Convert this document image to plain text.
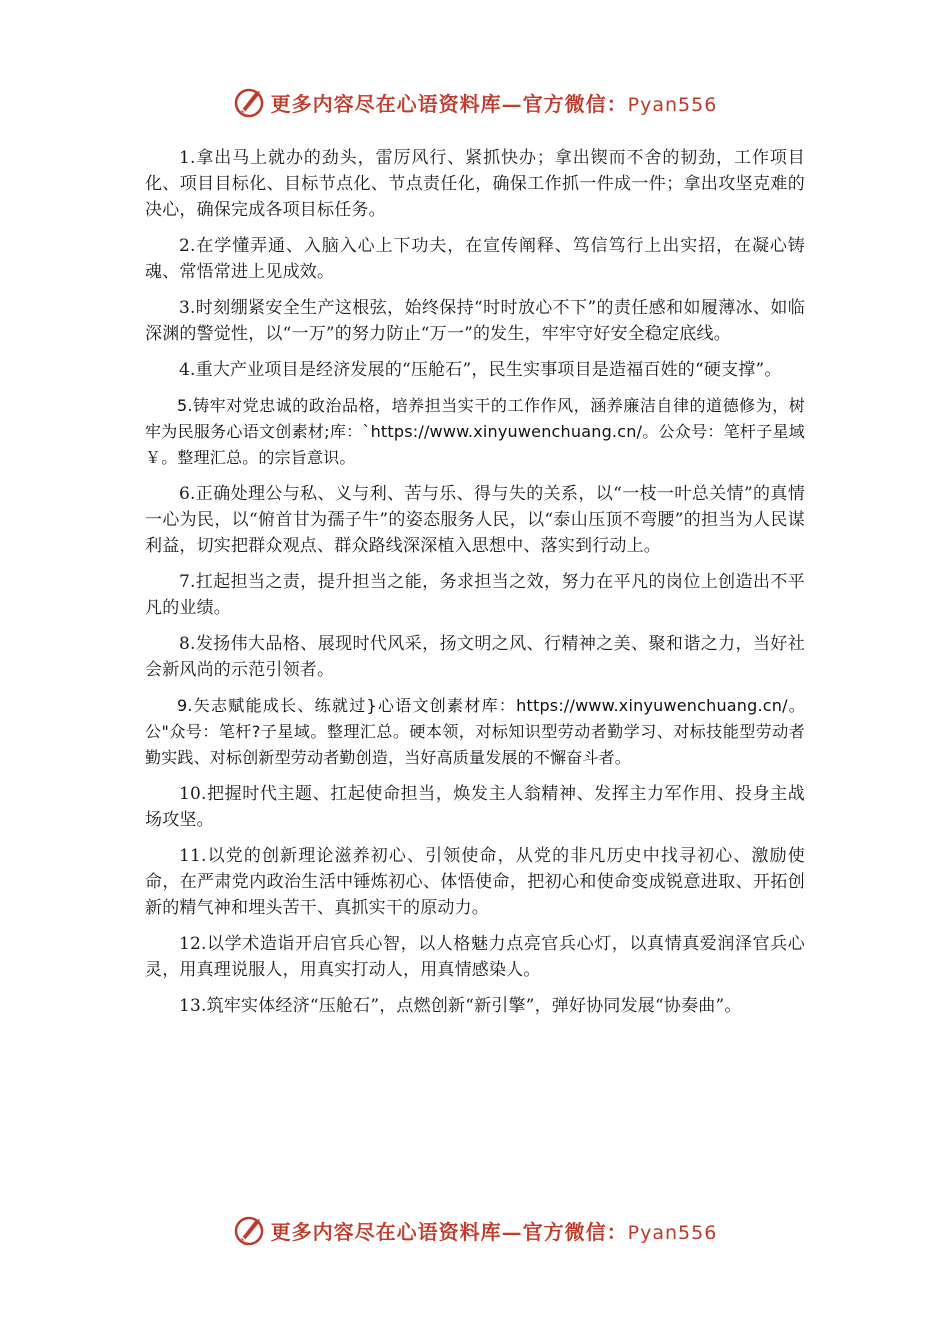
更多内容尽在心语资料库—官方微信：Pyan556

1.拿出马上就办的劲头，雷厉风行、紧抓快办；拿出锲而不舍的韧劲，工作项目化、项目目标化、目标节点化、节点责任化，确保工作抓一件成一件；拿出攻坚克难的决心，确保完成各项目标任务。

2.在学懂弄通、入脑入心上下功夫，在宣传阐释、笃信笃行上出实招，在凝心铸魂、常悟常进上见成效。

3.时刻绷紧安全生产这根弦，始终保持“时时放心不下”的责任感和如履薄冰、如临深渊的警觉性，以“一万”的努力防止“万一”的发生，牢牢守好安全稳定底线。

4.重大产业项目是经济发展的“压舱石”，民生实事项目是造福百姓的“硬支撑”。

5.铸牢对党忠诚的政治品格，培养担当实干的工作作风，涵养廉洁自律的道德修为，树牢为民服务心语文创素材;库：`https://www.xinyuwenchuang.cn/。公众号：笔杆子星域￥。整理汇总。的宗旨意识。

6.正确处理公与私、义与利、苦与乐、得与失的关系，以“一枝一叶总关情”的真情一心为民，以“俯首甘为孺子牛”的姿态服务人民，以“泰山压顶不弯腰”的担当为人民谋利益，切实把群众观点、群众路线深深植入思想中、落实到行动上。

7.扛起担当之责，提升担当之能，务求担当之效，努力在平凡的岗位上创造出不平凡的业绩。

8.发扬伟大品格、展现时代风采，扬文明之风、行精神之美、聚和谐之力，当好社会新风尚的示范引领者。

9.矢志赋能成长、练就过}心语文创素材库：https://www.xinyuwenchuang.cn/。公"众号：笔杆?子星域。整理汇总。硬本领，对标知识型劳动者勤学习、对标技能型劳动者勤实践、对标创新型劳动者勤创造，当好高质量发展的不懈奋斗者。

10.把握时代主题、扛起使命担当，焕发主人翁精神、发挥主力军作用、投身主战场攻坚。

11.以党的创新理论滋养初心、引领使命，从党的非凡历史中找寻初心、激励使命，在严肃党内政治生活中锤炼初心、体悟使命，把初心和使命变成锐意进取、开拓创新的精气神和埋头苦干、真抓实干的原动力。

12.以学术造诣开启官兵心智，以人格魅力点亮官兵心灯，以真情真爱润泽官兵心灵，用真理说服人，用真实打动人，用真情感染人。

13.筑牢实体经济“压舱石”，点燃创新“新引擎”，弹好协同发展“协奏曲”。

更多内容尽在心语资料库—官方微信：Pyan556
